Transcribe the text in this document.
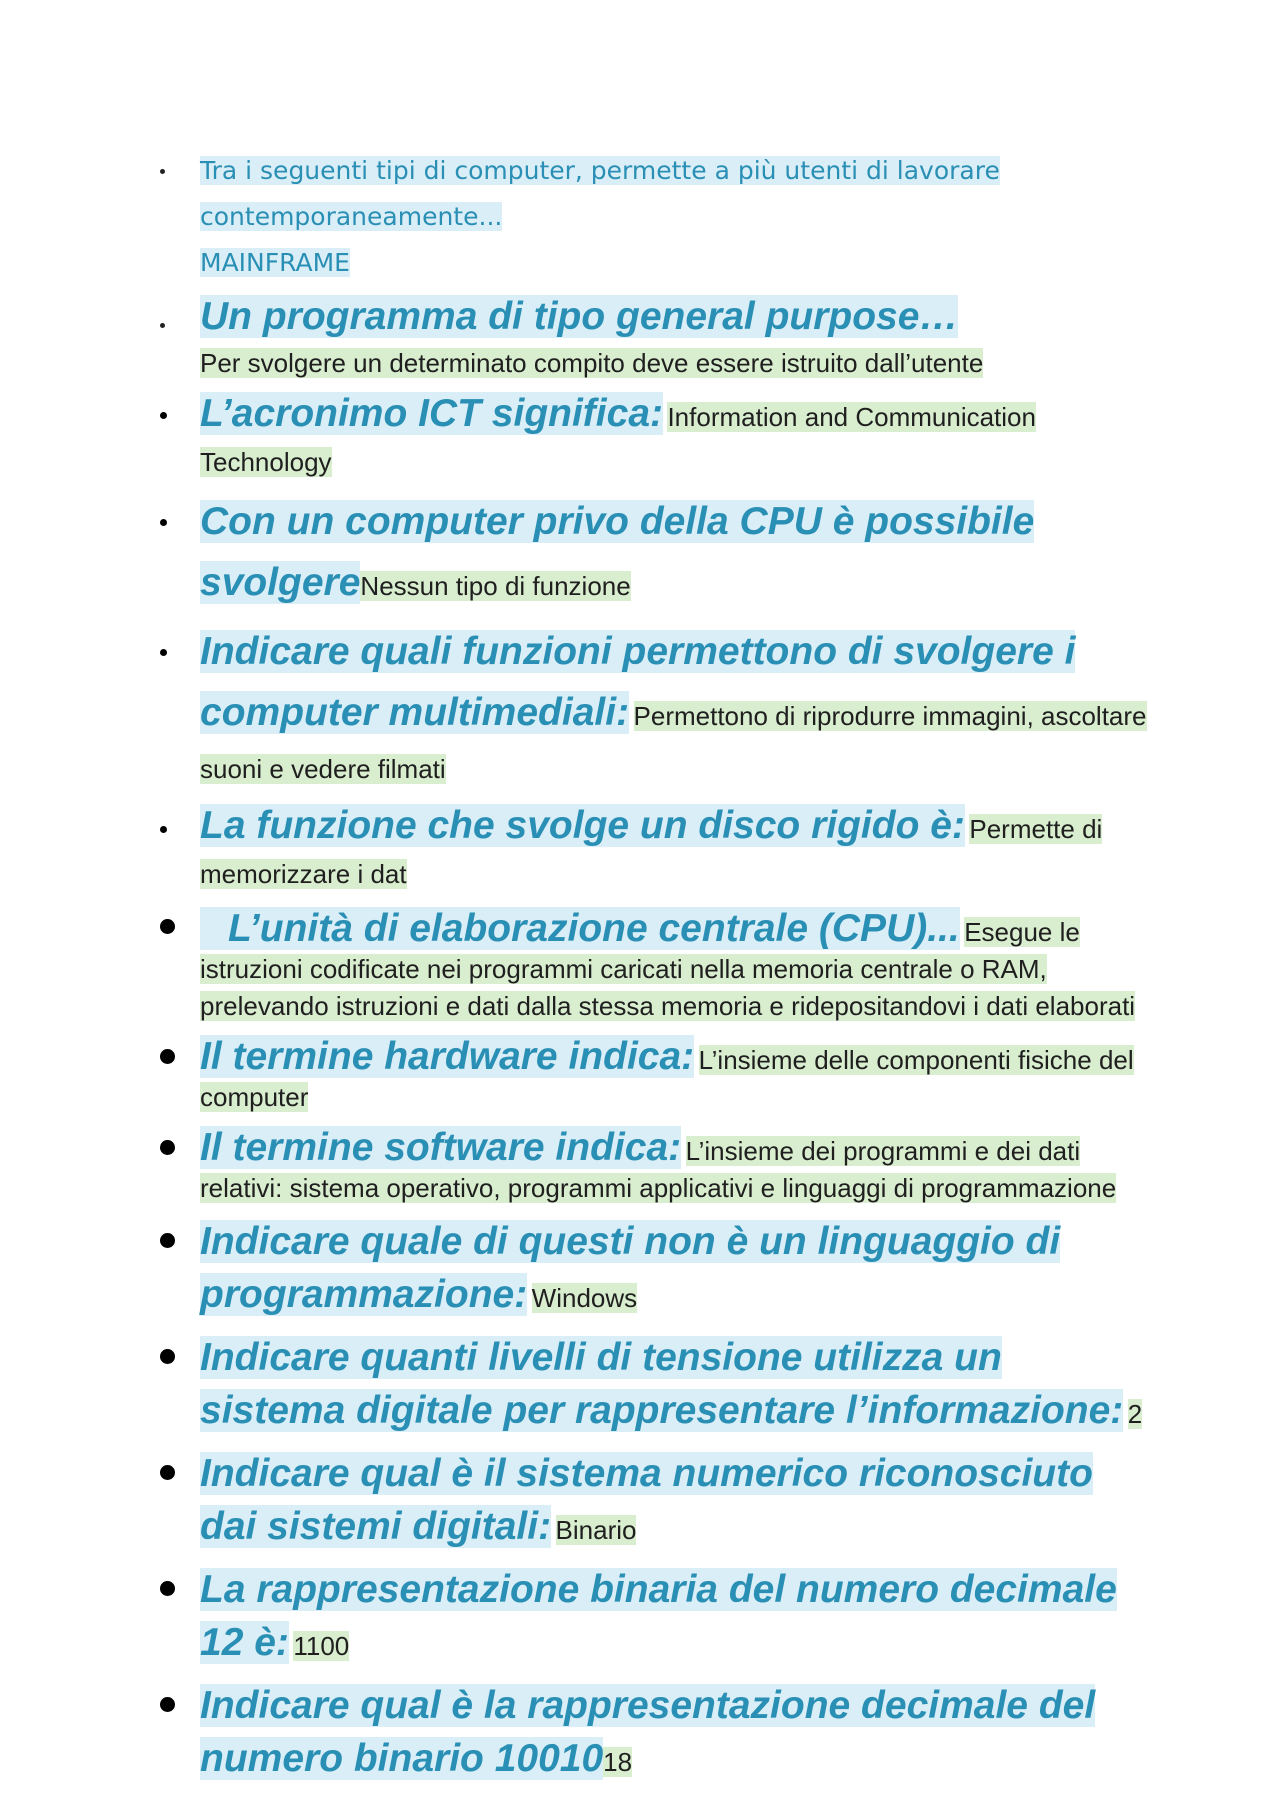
Tra i seguenti tipi di computer, permette a più utenti di lavorare
contemporaneamente...
MAINFRAME
Un programma di tipo general purpose…
Per svolgere un determinato compito deve essere istruito dall’utente
L’acronimo ICT significa: Information and Communication Technology
Con un computer privo della CPU è possibile svolgereNessun tipo di funzione
Indicare quali funzioni permettono di svolgere i computer multimediali: Permettono di riprodurre immagini, ascoltare suoni e vedere filmati
La funzione che svolge un disco rigido è: Permette di memorizzare i dat
L’unità di elaborazione centrale (CPU)... Esegue le istruzioni codificate nei programmi caricati nella memoria centrale o RAM, prelevando istruzioni e dati dalla stessa memoria e ridepositandovi i dati elaborati
Il termine hardware indica: L’insieme delle componenti fisiche del computer
Il termine software indica: L’insieme dei programmi e dei dati relativi: sistema operativo, programmi applicativi e linguaggi di programmazione
Indicare quale di questi non è un linguaggio di programmazione: Windows
Indicare quanti livelli di tensione utilizza un sistema digitale per rappresentare l’informazione: 2
Indicare qual è il sistema numerico riconosciuto dai sistemi digitali: Binario
La rappresentazione binaria del numero decimale 12 è: 1100
Indicare qual è la rappresentazione decimale del numero binario 1001018
